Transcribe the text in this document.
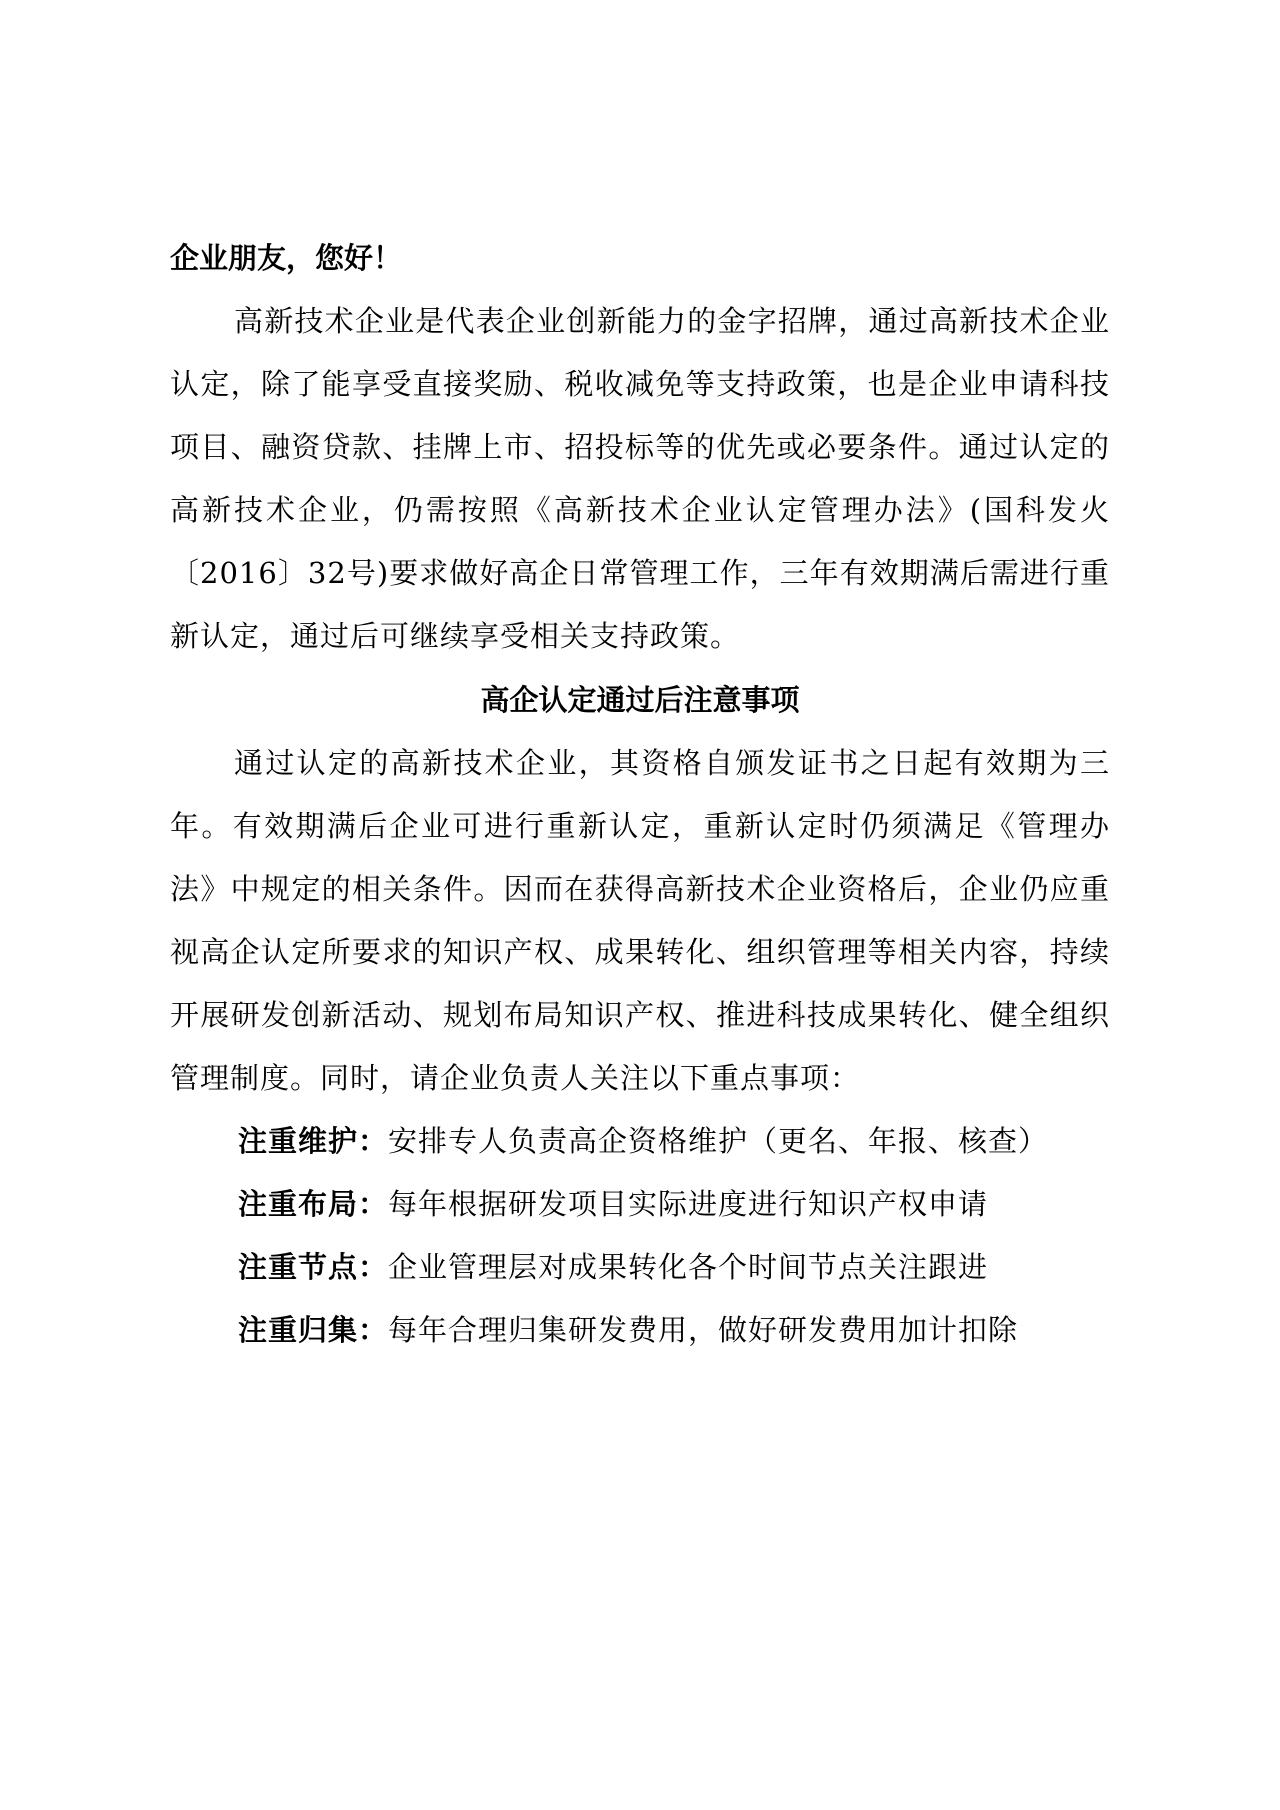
企业朋友，您好！

高新技术企业是代表企业创新能力的金字招牌，通过高新技术企业认定，除了能享受直接奖励、税收减免等支持政策，也是企业申请科技项目、融资贷款、挂牌上市、招投标等的优先或必要条件。通过认定的高新技术企业，仍需按照《高新技术企业认定管理办法》(国科发火〔2016〕32号)要求做好高企日常管理工作，三年有效期满后需进行重新认定，通过后可继续享受相关支持政策。

高企认定通过后注意事项

通过认定的高新技术企业，其资格自颁发证书之日起有效期为三年。有效期满后企业可进行重新认定，重新认定时仍须满足《管理办法》中规定的相关条件。因而在获得高新技术企业资格后，企业仍应重视高企认定所要求的知识产权、成果转化、组织管理等相关内容，持续开展研发创新活动、规划布局知识产权、推进科技成果转化、健全组织管理制度。同时，请企业负责人关注以下重点事项：

注重维护：安排专人负责高企资格维护（更名、年报、核查）

注重布局：每年根据研发项目实际进度进行知识产权申请

注重节点：企业管理层对成果转化各个时间节点关注跟进

注重归集：每年合理归集研发费用，做好研发费用加计扣除
